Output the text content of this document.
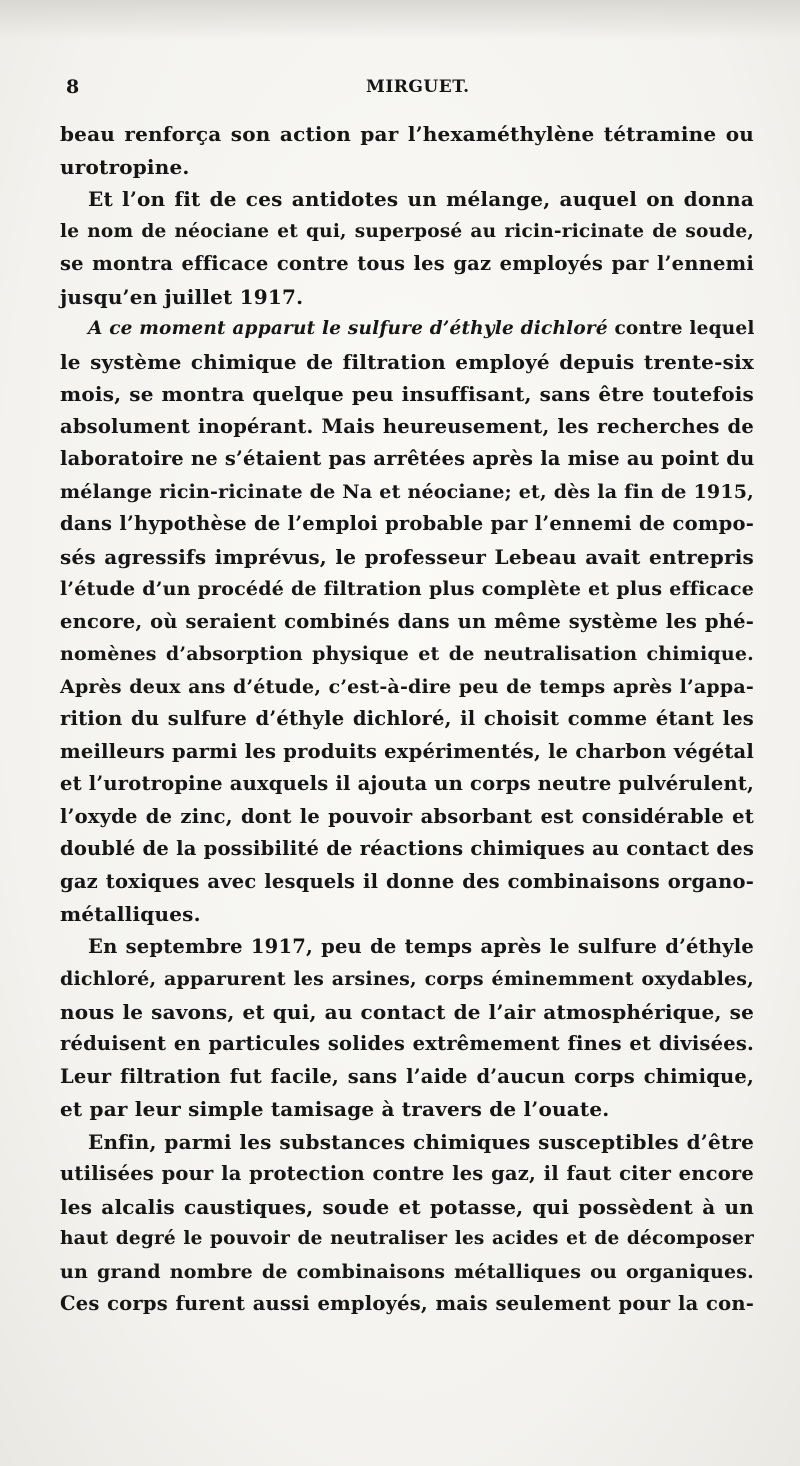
8	MIRGUET.
beau renforça son action par l’hexaméthylène tétramine ou
urotropine.
Et l’on fit de ces antidotes un mélange, auquel on donna
le nom de néociane et qui, superposé au ricin-ricinate de soude,
se montra efficace contre tous les gaz employés par l’ennemi
jusqu’en juillet 1917.
A ce moment apparut le sulfure d’éthyle dichloré contre lequel
le système chimique de filtration employé depuis trente-six
mois, se montra quelque peu insuffisant, sans être toutefois
absolument inopérant. Mais heureusement, les recherches de
laboratoire ne s’étaient pas arrêtées après la mise au point du
mélange ricin-ricinate de Na et néociane; et, dès la fin de 1915,
dans l’hypothèse de l’emploi probable par l’ennemi de compo-
sés agressifs imprévus, le professeur Lebeau avait entrepris
l’étude d’un procédé de filtration plus complète et plus efficace
encore, où seraient combinés dans un même système les phé-
nomènes d’absorption physique et de neutralisation chimique.
Après deux ans d’étude, c’est-à-dire peu de temps après l’appa-
rition du sulfure d’éthyle dichloré, il choisit comme étant les
meilleurs parmi les produits expérimentés, le charbon végétal
et l’urotropine auxquels il ajouta un corps neutre pulvérulent,
l’oxyde de zinc, dont le pouvoir absorbant est considérable et
doublé de la possibilité de réactions chimiques au contact des
gaz toxiques avec lesquels il donne des combinaisons organo-
métalliques.
En septembre 1917, peu de temps après le sulfure d’éthyle
dichloré, apparurent les arsines, corps éminemment oxydables,
nous le savons, et qui, au contact de l’air atmosphérique, se
réduisent en particules solides extrêmement fines et divisées.
Leur filtration fut facile, sans l’aide d’aucun corps chimique,
et par leur simple tamisage à travers de l’ouate.
Enfin, parmi les substances chimiques susceptibles d’être
utilisées pour la protection contre les gaz, il faut citer encore
les alcalis caustiques, soude et potasse, qui possèdent à un
haut degré le pouvoir de neutraliser les acides et de décomposer
un grand nombre de combinaisons métalliques ou organiques.
Ces corps furent aussi employés, mais seulement pour la con-
